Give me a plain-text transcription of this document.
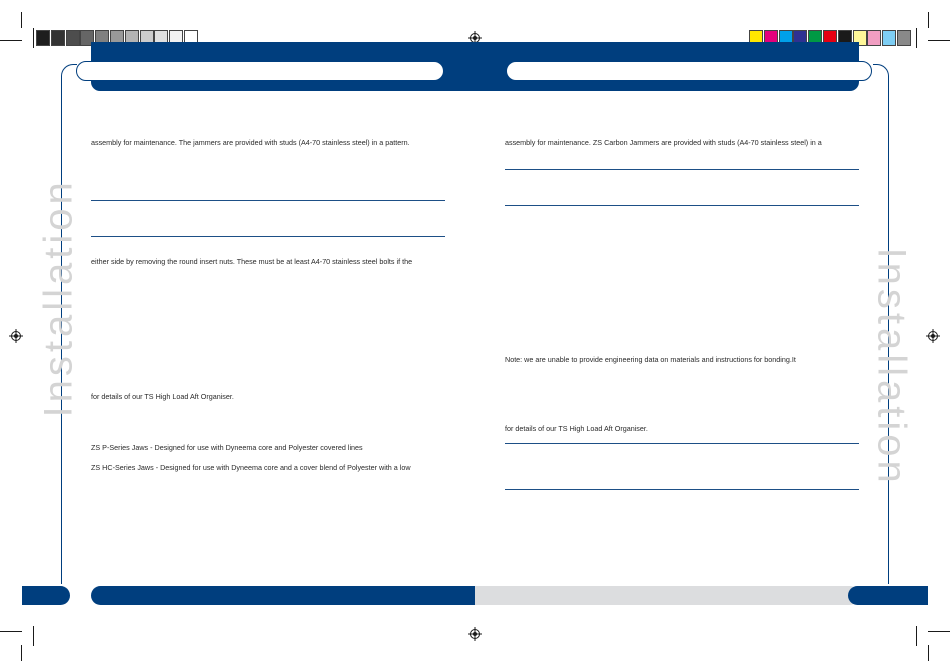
Installation	Installation
assembly for maintenance. The jammers are provided with studs (A4-70 stainless steel) in a pattern.
either side by removing the round insert nuts. These must be at least A4-70 stainless steel bolts if the
for details of our TS High Load Aft Organiser.
ZS P-Series Jaws - Designed for use with Dyneema core and Polyester covered lines
ZS HC-Series Jaws - Designed for use with Dyneema core and a cover blend of Polyester with a low
assembly for maintenance. ZS Carbon Jammers are provided with studs (A4-70 stainless steel) in a
Note: we are unable to provide engineering data on materials and instructions for bonding.It
for details of our TS High Load Aft Organiser.
